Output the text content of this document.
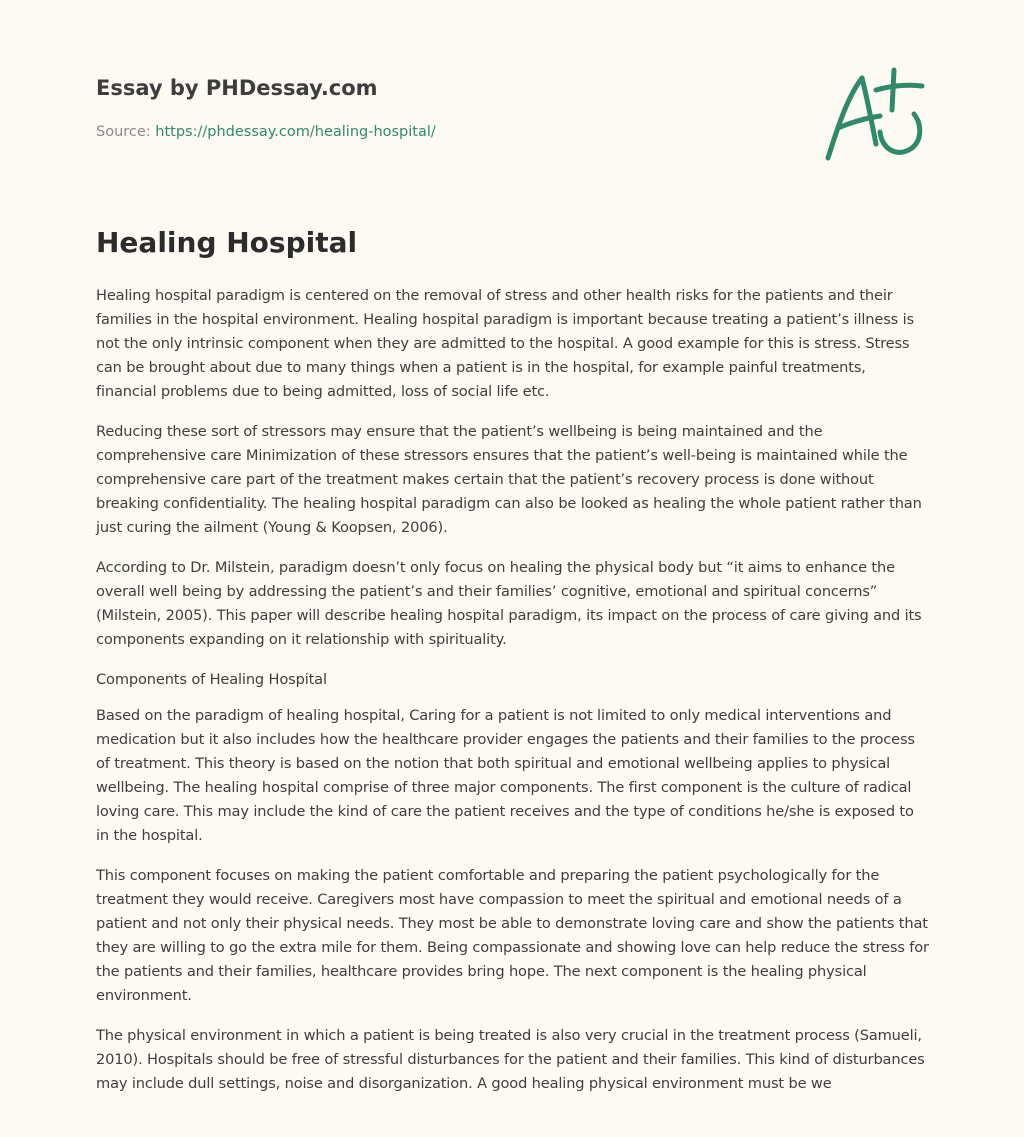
Essay by PHDessay.com
Source: https://phdessay.com/healing-hospital/
Healing Hospital

Healing hospital paradigm is centered on the removal of stress and other health risks for the patients and their families in the hospital environment. Healing hospital paradigm is important because treating a patient’s illness is not the only intrinsic component when they are admitted to the hospital. A good example for this is stress. Stress can be brought about due to many things when a patient is in the hospital, for example painful treatments, financial problems due to being admitted, loss of social life etc.

Reducing these sort of stressors may ensure that the patient’s wellbeing is being maintained and the comprehensive care Minimization of these stressors ensures that the patient’s well-being is maintained while the comprehensive care part of the treatment makes certain that the patient’s recovery process is done without breaking confidentiality. The healing hospital paradigm can also be looked as healing the whole patient rather than just curing the ailment (Young & Koopsen, 2006).

According to Dr. Milstein, paradigm doesn’t only focus on healing the physical body but “it aims to enhance the overall well being by addressing the patient’s and their families’ cognitive, emotional and spiritual concerns” (Milstein, 2005). This paper will describe healing hospital paradigm, its impact on the process of care giving and its components expanding on it relationship with spirituality.

Components of Healing Hospital

Based on the paradigm of healing hospital, Caring for a patient is not limited to only medical interventions and medication but it also includes how the healthcare provider engages the patients and their families to the process of treatment. This theory is based on the notion that both spiritual and emotional wellbeing applies to physical wellbeing. The healing hospital comprise of three major components. The first component is the culture of radical loving care. This may include the kind of care the patient receives and the type of conditions he/she is exposed to in the hospital.

This component focuses on making the patient comfortable and preparing the patient psychologically for the treatment they would receive. Caregivers most have compassion to meet the spiritual and emotional needs of a patient and not only their physical needs. They most be able to demonstrate loving care and show the patients that they are willing to go the extra mile for them. Being compassionate and showing love can help reduce the stress for the patients and their families, healthcare provides bring hope. The next component is the healing physical environment.

The physical environment in which a patient is being treated is also very crucial in the treatment process (Samueli, 2010). Hospitals should be free of stressful disturbances for the patient and their families. This kind of disturbances may include dull settings, noise and disorganization. A good healing physical environment must be we
